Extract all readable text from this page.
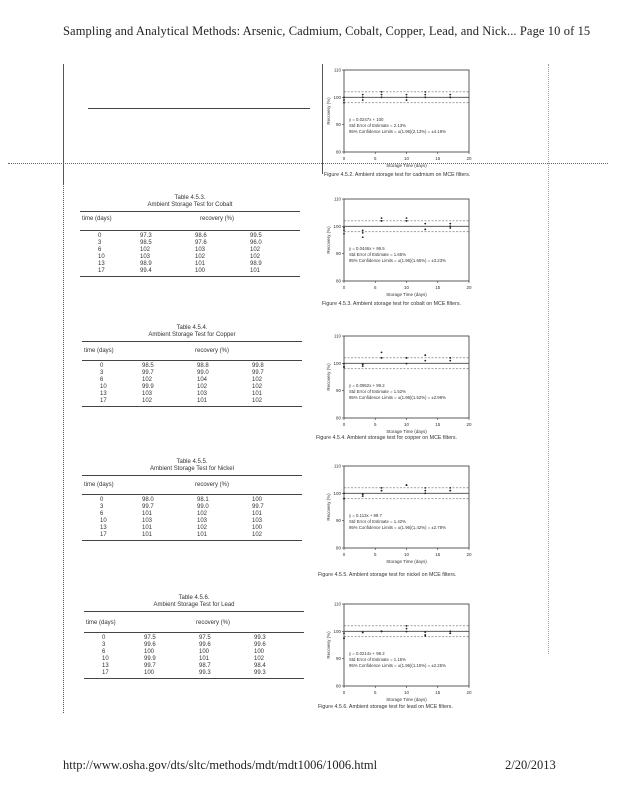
Sampling and Analytical Methods: Arsenic, Cadmium, Cobalt, Copper, Lead, and Nick... Page 10 of 15
Table 4.5.3.
Ambient Storage Test for Cobalt
time (days)	recovery (%)
0	97.3	98.6	99.5
3	98.5	97.6	96.0
6	102	103	102
10	103	102	102
13	98.9	101	98.9
17	99.4	100	101
Table 4.5.4.
Ambient Storage Test for Copper
time (days)	recovery (%)
0	98.5	98.8	99.8
3	99.7	99.0	99.7
6	102	104	102
10	99.9	102	102
13	103	103	101
17	102	101	102
Table 4.5.5.
Ambient Storage Test for Nickel
time (days)	recovery (%)
0	98.0	98.1	100
3	99.7	99.0	99.7
6	101	102	101
10	103	103	103
13	101	102	100
17	101	101	102
Table 4.5.6.
Ambient Storage Test for Lead
time (days)	recovery (%)
0	97.5	97.5	99.3
3	99.6	99.6	99.6
6	100	100	100
10	99.9	101	102
13	99.7	98.7	98.4
17	100	99.3	99.3
0	5	10	15	20
80
90
100
110
Recovery (%)
Storage Time (days)
y = 0.0247x + 100
Std Error of Estimate = 2.13%
95% Confidence Limits = ±(1.96)(2.13%) = ±4.18%
Figure 4.5.2. Ambient storage test for cadmium on MCE filters.
0	5	10	15	20
80
90
100
110
Recovery (%)
Storage Time (days)
y = 0.0446x + 99.5
Std Error of Estimate = 1.65%
95% Confidence Limits = ±(1.96)(1.65%) = ±3.23%
Figure 4.5.3. Ambient storage test for cobalt on MCE filters.
0	5	10	15	20
80
90
100
110
Recovery (%)
Storage Time (days)
y = 0.0952x + 99.2
Std Error of Estimate = 1.52%
95% Confidence Limits = ±(1.96)(1.52%) = ±2.98%
Figure 4.5.4. Ambient storage test for copper on MCE filters.
0	5	10	15	20
80
90
100
110
Recovery (%)
Storage Time (days)
y = 0.113x + 99.7
Std Error of Estimate = 1.42%
95% Confidence Limits = ±(1.96)(1.42%) = ±2.78%
Figure 4.5.5. Ambient storage test for nickel on MCE filters.
0	5	10	15	20
80
90
100
110
Recovery (%)
Storage Time (days)
y = 0.0214x + 99.2
Std Error of Estimate = 1.15%
95% Confidence Limits = ±(1.96)(1.15%) = ±2.25%
Figure 4.5.6. Ambient storage test for lead on MCE filters.
http://www.osha.gov/dts/sltc/methods/mdt/mdt1006/1006.html	2/20/2013
